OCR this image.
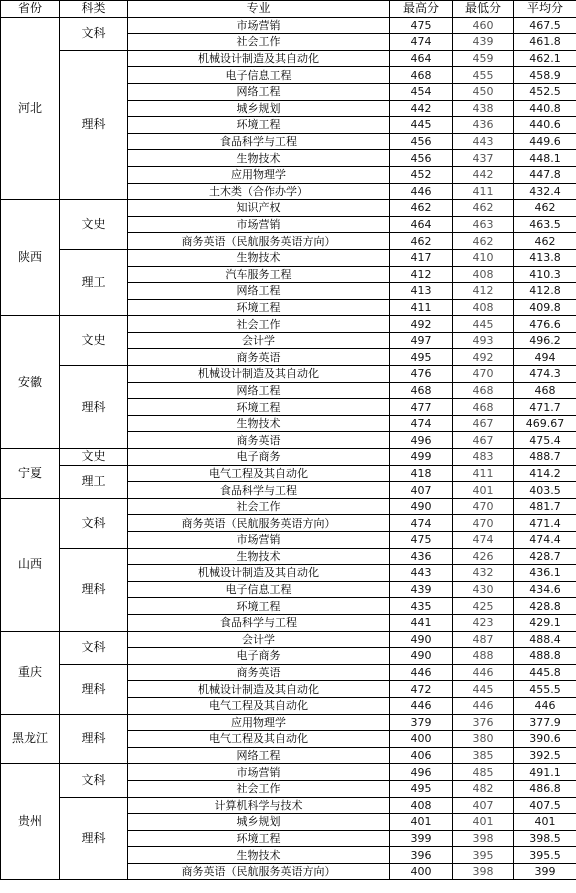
省份	科类	专业	最高分	最低分	平均分
河北	文科	市场营销	475	460	467.5
		社会工作	474	439	461.8
	理科	机械设计制造及其自动化	464	459	462.1
		电子信息工程	468	455	458.9
		网络工程	454	450	452.5
		城乡规划	442	438	440.8
		环境工程	445	436	440.6
		食品科学与工程	456	443	449.6
		生物技术	456	437	448.1
		应用物理学	452	442	447.8
		土木类（合作办学）	446	411	432.4
陕西	文史	知识产权	462	462	462
		市场营销	464	463	463.5
		商务英语（民航服务英语方向）	462	462	462
	理工	生物技术	417	410	413.8
		汽车服务工程	412	408	410.3
		网络工程	413	412	412.8
		环境工程	411	408	409.8
安徽	文史	社会工作	492	445	476.6
		会计学	497	493	496.2
		商务英语	495	492	494
	理科	机械设计制造及其自动化	476	470	474.3
		网络工程	468	468	468
		环境工程	477	468	471.7
		生物技术	474	467	469.67
		商务英语	496	467	475.4
宁夏	文史	电子商务	499	483	488.7
	理工	电气工程及其自动化	418	411	414.2
		食品科学与工程	407	401	403.5
山西	文科	社会工作	490	470	481.7
		商务英语（民航服务英语方向）	474	470	471.4
		市场营销	475	474	474.4
	理科	生物技术	436	426	428.7
		机械设计制造及其自动化	443	432	436.1
		电子信息工程	439	430	434.6
		环境工程	435	425	428.8
		食品科学与工程	441	423	429.1
重庆	文科	会计学	490	487	488.4
		电子商务	490	488	488.8
	理科	商务英语	446	446	445.8
		机械设计制造及其自动化	472	445	455.5
		电气工程及其自动化	446	446	446
黑龙江	理科	应用物理学	379	376	377.9
		电气工程及其自动化	400	380	390.6
		网络工程	406	385	392.5
贵州	文科	市场营销	496	485	491.1
		社会工作	495	482	486.8
	理科	计算机科学与技术	408	407	407.5
		城乡规划	401	401	401
		环境工程	399	398	398.5
		生物技术	396	395	395.5
		商务英语（民航服务英语方向）	400	398	399
